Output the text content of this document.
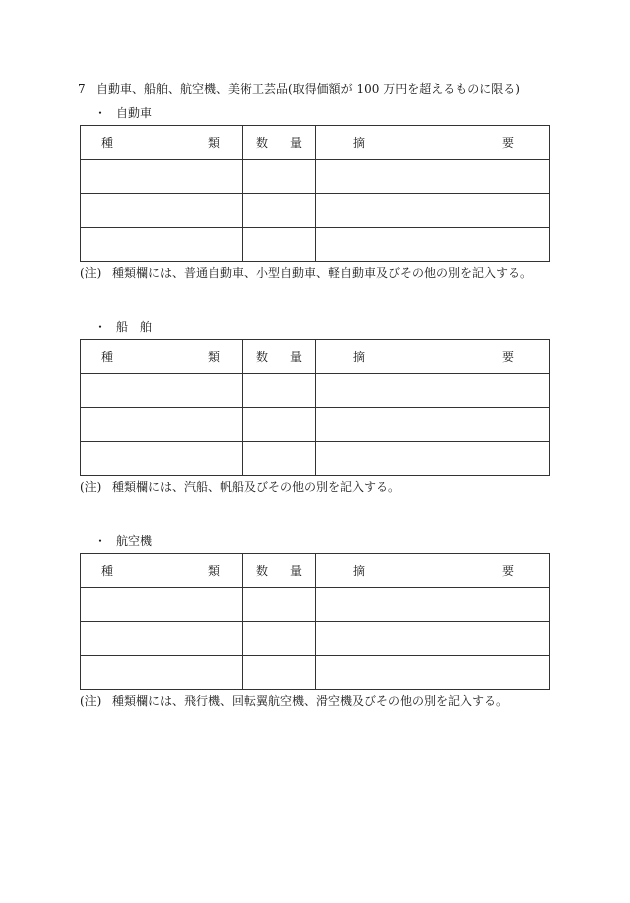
7 自動車、船舶、航空機、美術工芸品(取得価額が 100 万円を超えるものに限る)
・ 自動車
種 類	数 量	摘 要

(注) 種類欄には、普通自動車、小型自動車、軽自動車及びその他の別を記入する。
・ 船　舶
種 類	数 量	摘 要

(注) 種類欄には、汽船、帆船及びその他の別を記入する。
・ 航空機
種 類	数 量	摘 要

(注) 種類欄には、飛行機、回転翼航空機、滑空機及びその他の別を記入する。
